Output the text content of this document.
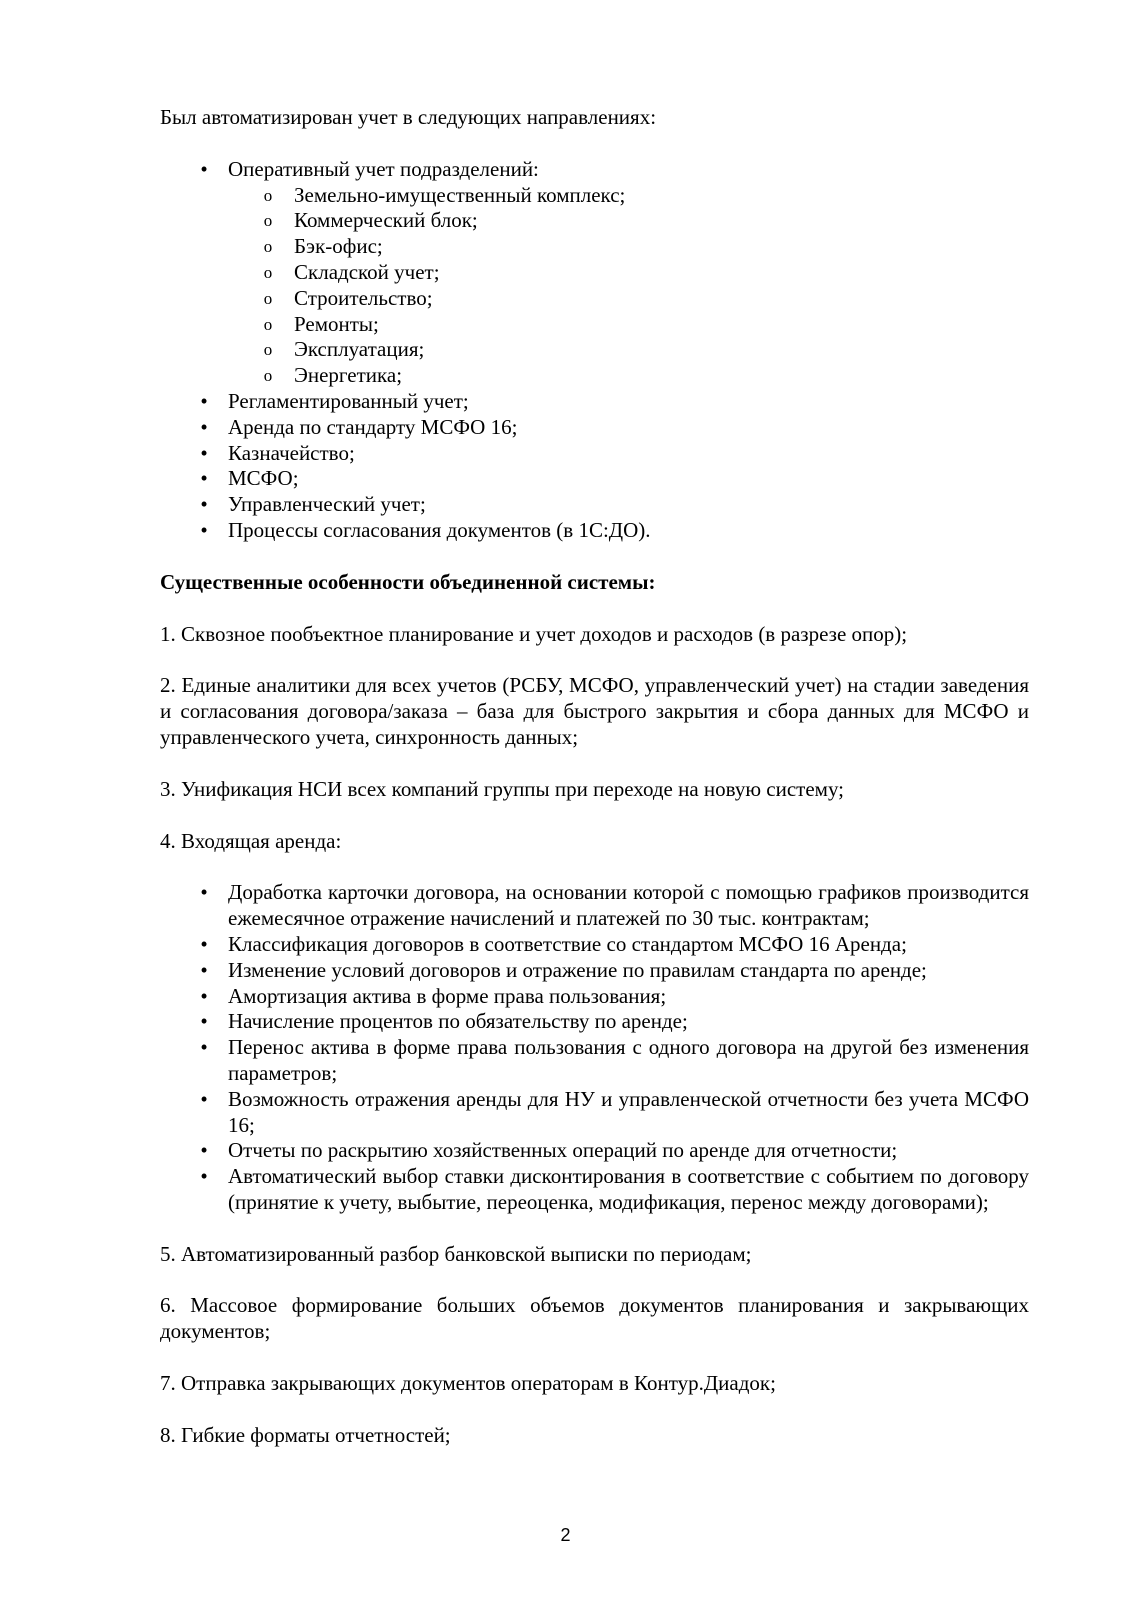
Был автоматизирован учет в следующих направлениях:

• Оперативный учет подразделений:
o Земельно-имущественный комплекс;
o Коммерческий блок;
o Бэк-офис;
o Складской учет;
o Строительство;
o Ремонты;
o Эксплуатация;
o Энергетика;
• Регламентированный учет;
• Аренда по стандарту МСФО 16;
• Казначейство;
• МСФО;
• Управленческий учет;
• Процессы согласования документов (в 1С:ДО).

Существенные особенности объединенной системы:

1. Сквозное пообъектное планирование и учет доходов и расходов (в разрезе опор);

2. Единые аналитики для всех учетов (РСБУ, МСФО, управленческий учет) на стадии заведения и согласования договора/заказа – база для быстрого закрытия и сбора данных для МСФО и управленческого учета, синхронность данных;

3. Унификация НСИ всех компаний группы при переходе на новую систему;

4. Входящая аренда:

• Доработка карточки договора, на основании которой с помощью графиков производится ежемесячное отражение начислений и платежей по 30 тыс. контрактам;
• Классификация договоров в соответствие со стандартом МСФО 16 Аренда;
• Изменение условий договоров и отражение по правилам стандарта по аренде;
• Амортизация актива в форме права пользования;
• Начисление процентов по обязательству по аренде;
• Перенос актива в форме права пользования с одного договора на другой без изменения параметров;
• Возможность отражения аренды для НУ и управленческой отчетности без учета МСФО 16;
• Отчеты по раскрытию хозяйственных операций по аренде для отчетности;
• Автоматический выбор ставки дисконтирования в соответствие с событием по договору (принятие к учету, выбытие, переоценка, модификация, перенос между договорами);

5. Автоматизированный разбор банковской выписки по периодам;

6. Массовое формирование больших объемов документов планирования и закрывающих документов;

7. Отправка закрывающих документов операторам в Контур.Диадок;

8. Гибкие форматы отчетностей;

2
